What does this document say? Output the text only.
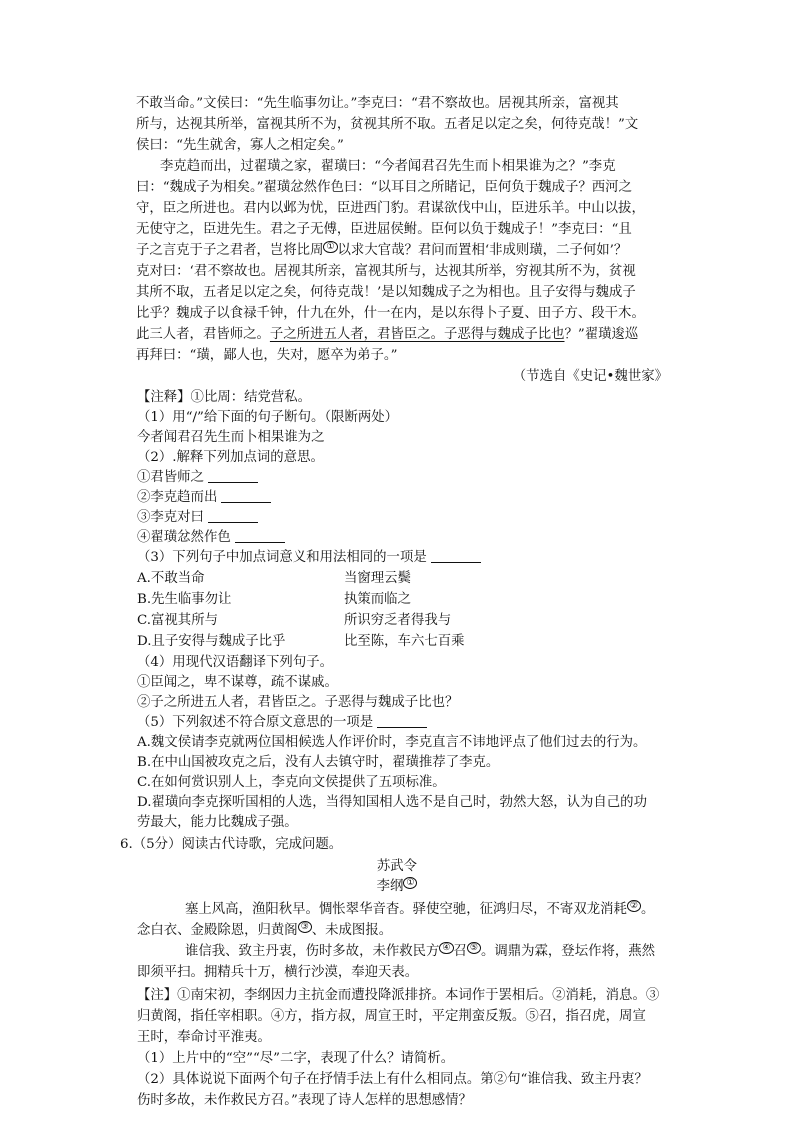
不敢当命。”文侯曰：“先生临事勿让。”李克曰：“君不察故也。居视其所亲，富视其
所与，达视其所举，富视其所不为，贫视其所不取。五者足以定之矣，何待克哉！”文
侯曰：“先生就舍，寡人之相定矣。”
李克趋而出，过翟璜之家，翟璜曰：“今者闻君召先生而卜相果谁为之？”李克
曰：“魏成子为相矣。”翟璜忿然作色曰：“以耳目之所睹记，臣何负于魏成子？西河之
守，臣之所进也。君内以邺为忧，臣进西门豹。君谋欲伐中山，臣进乐羊。中山以拔，
无使守之，臣进先生。君之子无傅，臣进屈侯鲋。臣何以负于魏成子！”李克曰：“且
子之言克于子之君者，岂将比周 ① 以求大官哉？君问而置相‘非成则璜，二子何如’？
克对曰：‘君不察故也。居视其所亲，富视其所与，达视其所举，穷视其所不为，贫视
其所不取，五者足以定之矣，何待克哉！’是以知魏成子之为相也。且子安得与魏成子
比乎？魏成子以食禄千钟，什九在外，什一在内，是以东得卜子夏、田子方、段干木。
此三人者，君皆师之。子之所进五人者，君皆臣之。子恶得与魏成子比也？”翟璜逡巡
再拜曰：“璜，鄙人也，失对，愿卒为弟子。”
（节选自《史记•魏世家》
【注释】①比周：结党营私。
（1）用“/”给下面的句子断句。（限断两处）
今者闻君召先生而卜相果谁为之
（2）.解释下列加点词的意思。
①君皆师之
②李克趋而出
③李克对曰
④翟璜忿然作色
（3）下列句子中加点词意义和用法相同的一项是
A.不敢当命	当窗理云鬓
B.先生临事勿让	执策而临之
C.富视其所与	所识穷乏者得我与
D.且子安得与魏成子比乎	比至陈，车六七百乘
（4）用现代汉语翻译下列句子。
①臣闻之，卑不谋尊，疏不谋戚。
②子之所进五人者，君皆臣之。子恶得与魏成子比也？
（5）下列叙述不符合原文意思的一项是
A.魏文侯请李克就两位国相候选人作评价时，李克直言不讳地评点了他们过去的行为。
B.在中山国被攻克之后，没有人去镇守时，翟璜推荐了李克。
C.在如何赏识别人上，李克向文侯提供了五项标准。
D.翟璜向李克探听国相的人选，当得知国相人选不是自己时，勃然大怒，认为自己的功
劳最大，能力比魏成子强。
6.（5分）阅读古代诗歌，完成问题。
苏武令
李纲 ①
塞上风高，渔阳秋早。惆怅翠华音杳。驿使空驰，征鸿归尽，不寄双龙消耗 ② 。
念白衣、金殿除恩，归黄阁 ③ 、未成图报。
谁信我、致主丹衷，伤时多故，未作救民方 ④ 召 ⑤ 。调鼎为霖，登坛作将，燕然
即须平扫。拥精兵十万，横行沙漠，奉迎天表。
【注】①南宋初，李纲因力主抗金而遭投降派排挤。本词作于罢相后。②消耗，消息。③
归黄阁，指任宰相职。④方，指方叔，周宣王时，平定荆蛮反叛。⑤召，指召虎，周宣
王时，奉命讨平淮夷。
（1）上片中的“空”“尽”二字，表现了什么？请简析。
（2）具体说说下面两个句子在抒情手法上有什么相同点。第②句“谁信我、致主丹衷？
伤时多故，未作救民方召。”表现了诗人怎样的思想感情？
